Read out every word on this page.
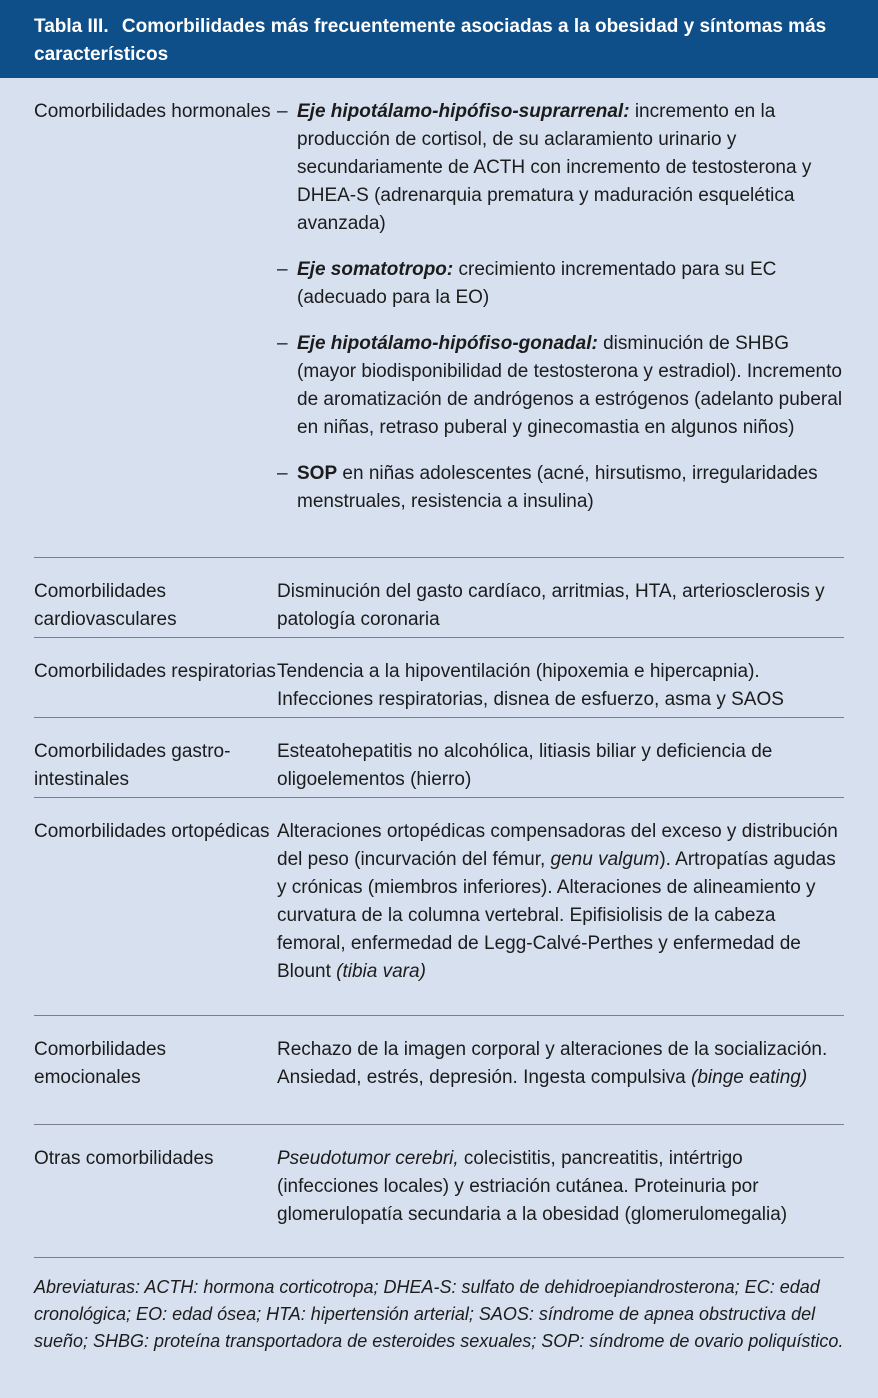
Tabla III. Comorbilidades más frecuentemente asociadas a la obesidad y síntomas más característicos
Comorbilidades hormonales – Eje hipotálamo-hipófiso-suprarrenal: incremento en la producción de cortisol, de su aclaramiento urinario y secundariamente de ACTH con incremento de testosterona y DHEA-S (adrenarquia prematura y maduración esquelética avanzada)
– Eje somatotropo: crecimiento incrementado para su EC (adecuado para la EO)
– Eje hipotálamo-hipófiso-gonadal: disminución de SHBG (mayor biodisponibilidad de testosterona y estradiol). Incremento de aromatización de andrógenos a estrógenos (adelanto puberal en niñas, retraso puberal y ginecomastia en algunos niños)
– SOP en niñas adolescentes (acné, hirsutismo, irregularidades menstruales, resistencia a insulina)
Comorbilidades cardiovasculares
Disminución del gasto cardíaco, arritmias, HTA, arteriosclerosis y patología coronaria
Comorbilidades respiratorias Tendencia a la hipoventilación (hipoxemia e hipercapnia). Infecciones respiratorias, disnea de esfuerzo, asma y SAOS
Comorbilidades gastro-intestinales
Esteatohepatitis no alcohólica, litiasis biliar y deficiencia de oligoelementos (hierro)
Comorbilidades ortopédicas Alteraciones ortopédicas compensadoras del exceso y distribución del peso (incurvación del fémur, genu valgum). Artropatías agudas y crónicas (miembros inferiores). Alteraciones de alineamiento y curvatura de la columna vertebral. Epifisiolisis de la cabeza femoral, enfermedad de Legg-Calvé-Perthes y enfermedad de Blount (tibia vara)
Comorbilidades emocionales
Rechazo de la imagen corporal y alteraciones de la socialización. Ansiedad, estrés, depresión. Ingesta compulsiva (binge eating)
Otras comorbilidades	Pseudotumor cerebri, colecistitis, pancreatitis, intértrigo (infecciones locales) y estriación cutánea. Proteinuria por glomerulopatía secundaria a la obesidad (glomerulomegalia)
Abreviaturas: ACTH: hormona corticotropa; DHEA-S: sulfato de dehidroepiandrosterona; EC: edad cronológica; EO: edad ósea; HTA: hipertensión arterial; SAOS: síndrome de apnea obstructiva del sueño; SHBG: proteína transportadora de esteroides sexuales; SOP: síndrome de ovario poliquístico.
